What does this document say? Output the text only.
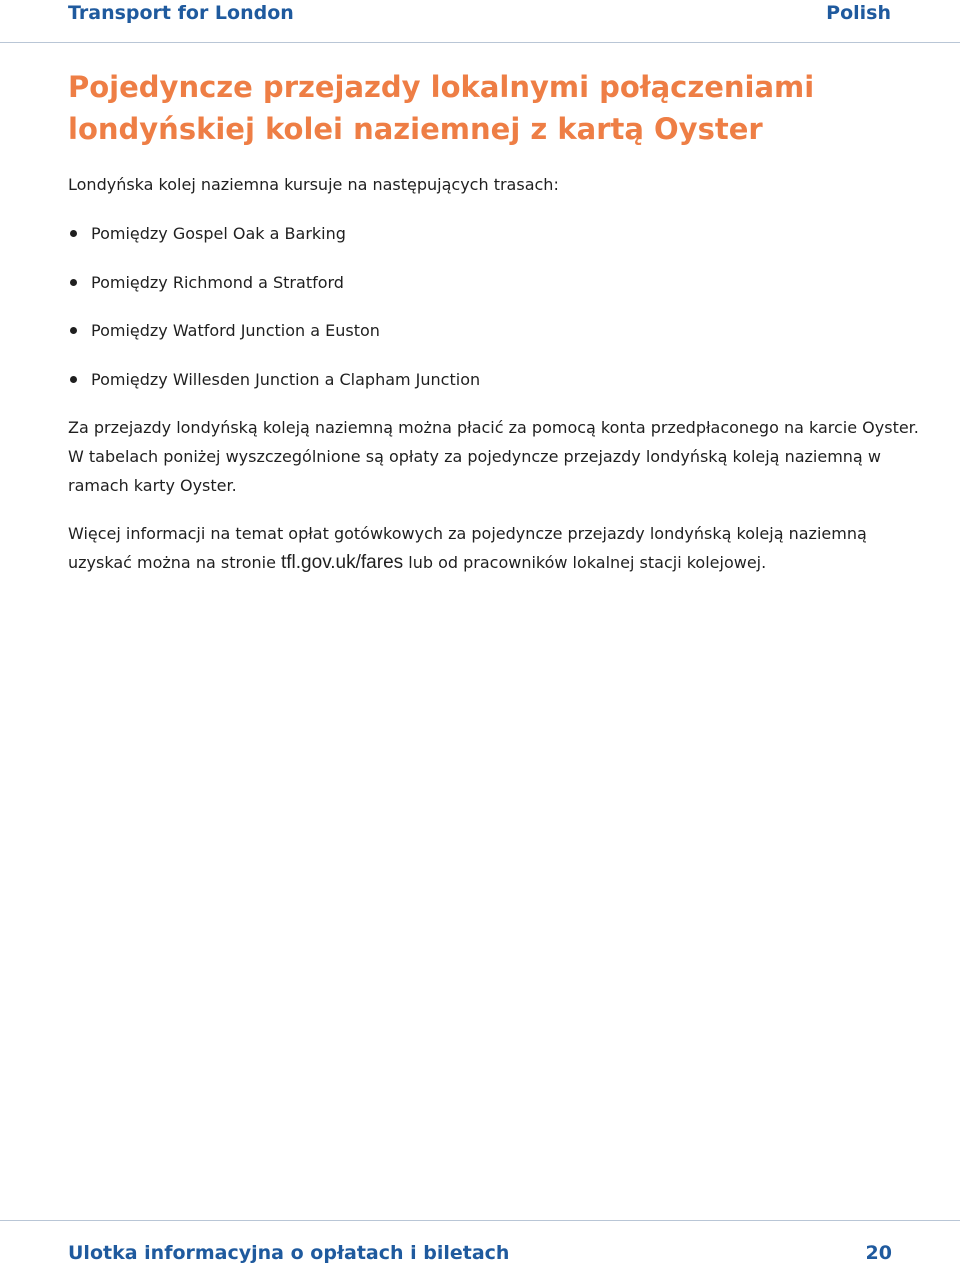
Transport for London	Polish
Pojedyncze przejazdy lokalnymi połączeniami londyńskiej kolei naziemnej z kartą Oyster

Londyńska kolej naziemna kursuje na następujących trasach:

Pomiędzy Gospel Oak a Barking
Pomiędzy Richmond a Stratford
Pomiędzy Watford Junction a Euston
Pomiędzy Willesden Junction a Clapham Junction

Za przejazdy londyńską koleją naziemną można płacić za pomocą konta przedpłaconego na karcie Oyster. W tabelach poniżej wyszczególnione są opłaty za pojedyncze przejazdy londyńską koleją naziemną w ramach karty Oyster.

Więcej informacji na temat opłat gotówkowych za pojedyncze przejazdy londyńską koleją naziemną uzyskać można na stronie tfl.gov.uk/fares lub od pracowników lokalnej stacji kolejowej.

Ulotka informacyjna o opłatach i biletach	20
